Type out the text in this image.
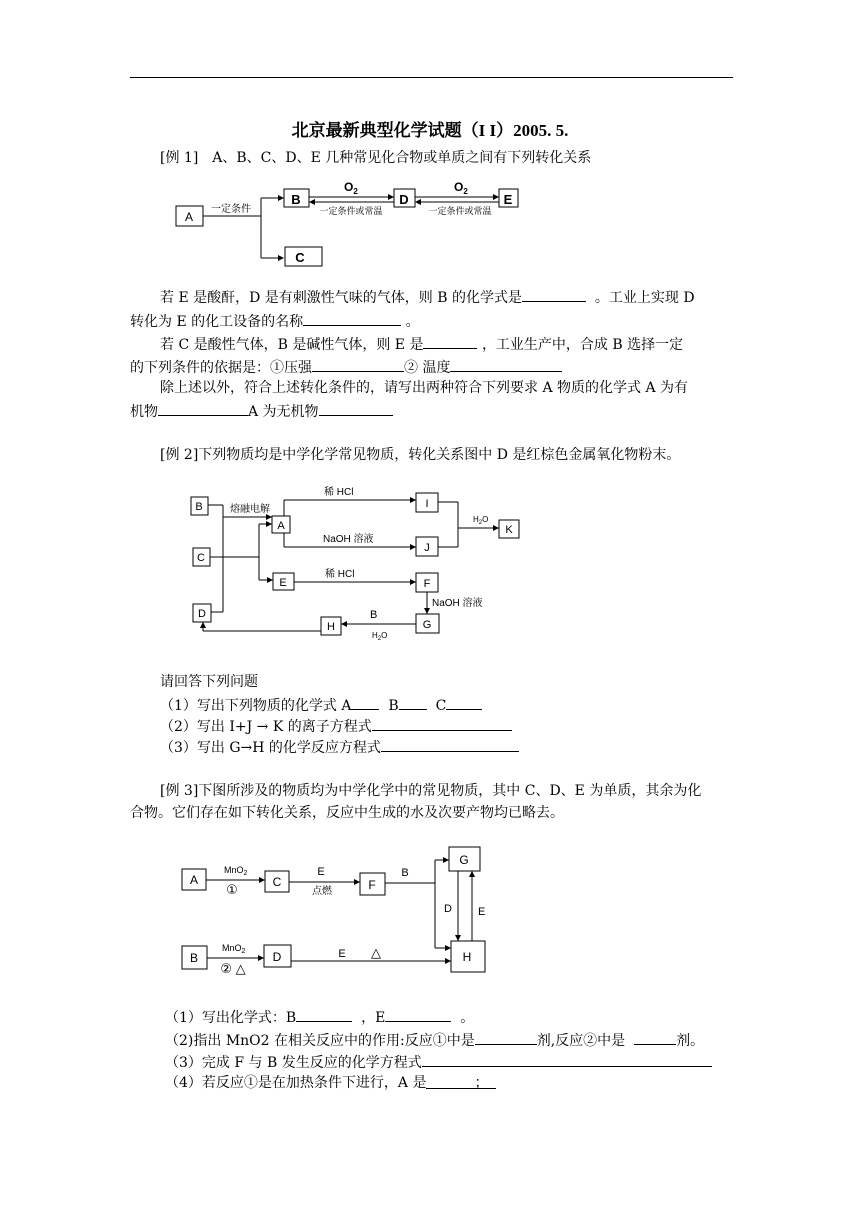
北京最新典型化学试题（I I）2005. 5.
[例 1]　A、B、C、D、E 几种常见化合物或单质之间有下列转化关系
A
一定条件
B
C
$O_2$
一定条件或常温
D
$O_2$
一定条件或常温
E
若 E 是酸酐，D 是有刺激性气味的气体，则 B 的化学式是	。工业上实现 D
转化为 E 的化工设备的名称	。
若 C 是酸性气体，B 是碱性气体，则 E 是	，工业生产中，合成 B 选择一定
的下列条件的依据是：①压强	② 温度
除上述以外，符合上述转化条件的，请写出两种符合下列要求 A 物质的化学式 A 为有
机物	A 为无机物
[例 2]下列物质均是中学化学常见物质，转化关系图中 D 是红棕色金属氧化物粉末。
B
C
D
A
E
H
I
J
F
G
K
熔融电解
稀 HCl
NaOH 溶液
$H_2O$
稀 HCl
NaOH 溶液
B
$H_2O$
请回答下列问题
（1）写出下列物质的化学式 A	B	C
（2）写出 I+J → K 的离子方程式
（3）写出 G→H 的化学反应方程式
[例 3]下图所涉及的物质均为中学化学中的常见物质，其中 C、D、E 为单质，其余为化
合物。它们存在如下转化关系，反应中生成的水及次要产物均已略去。
A	C	F
G
B	D	H
MnO$_2$
①
E
点燃
B
D E
MnO$_2$
② △
E △
（1）写出化学式：B	，E	。
（2)指出 MnO2 在相关反应中的作用:反应①中是	剂,反应②中是	剂。
（3）完成 F 与 B 发生反应的化学方程式
（4）若反应①是在加热条件下进行，A 是	；
